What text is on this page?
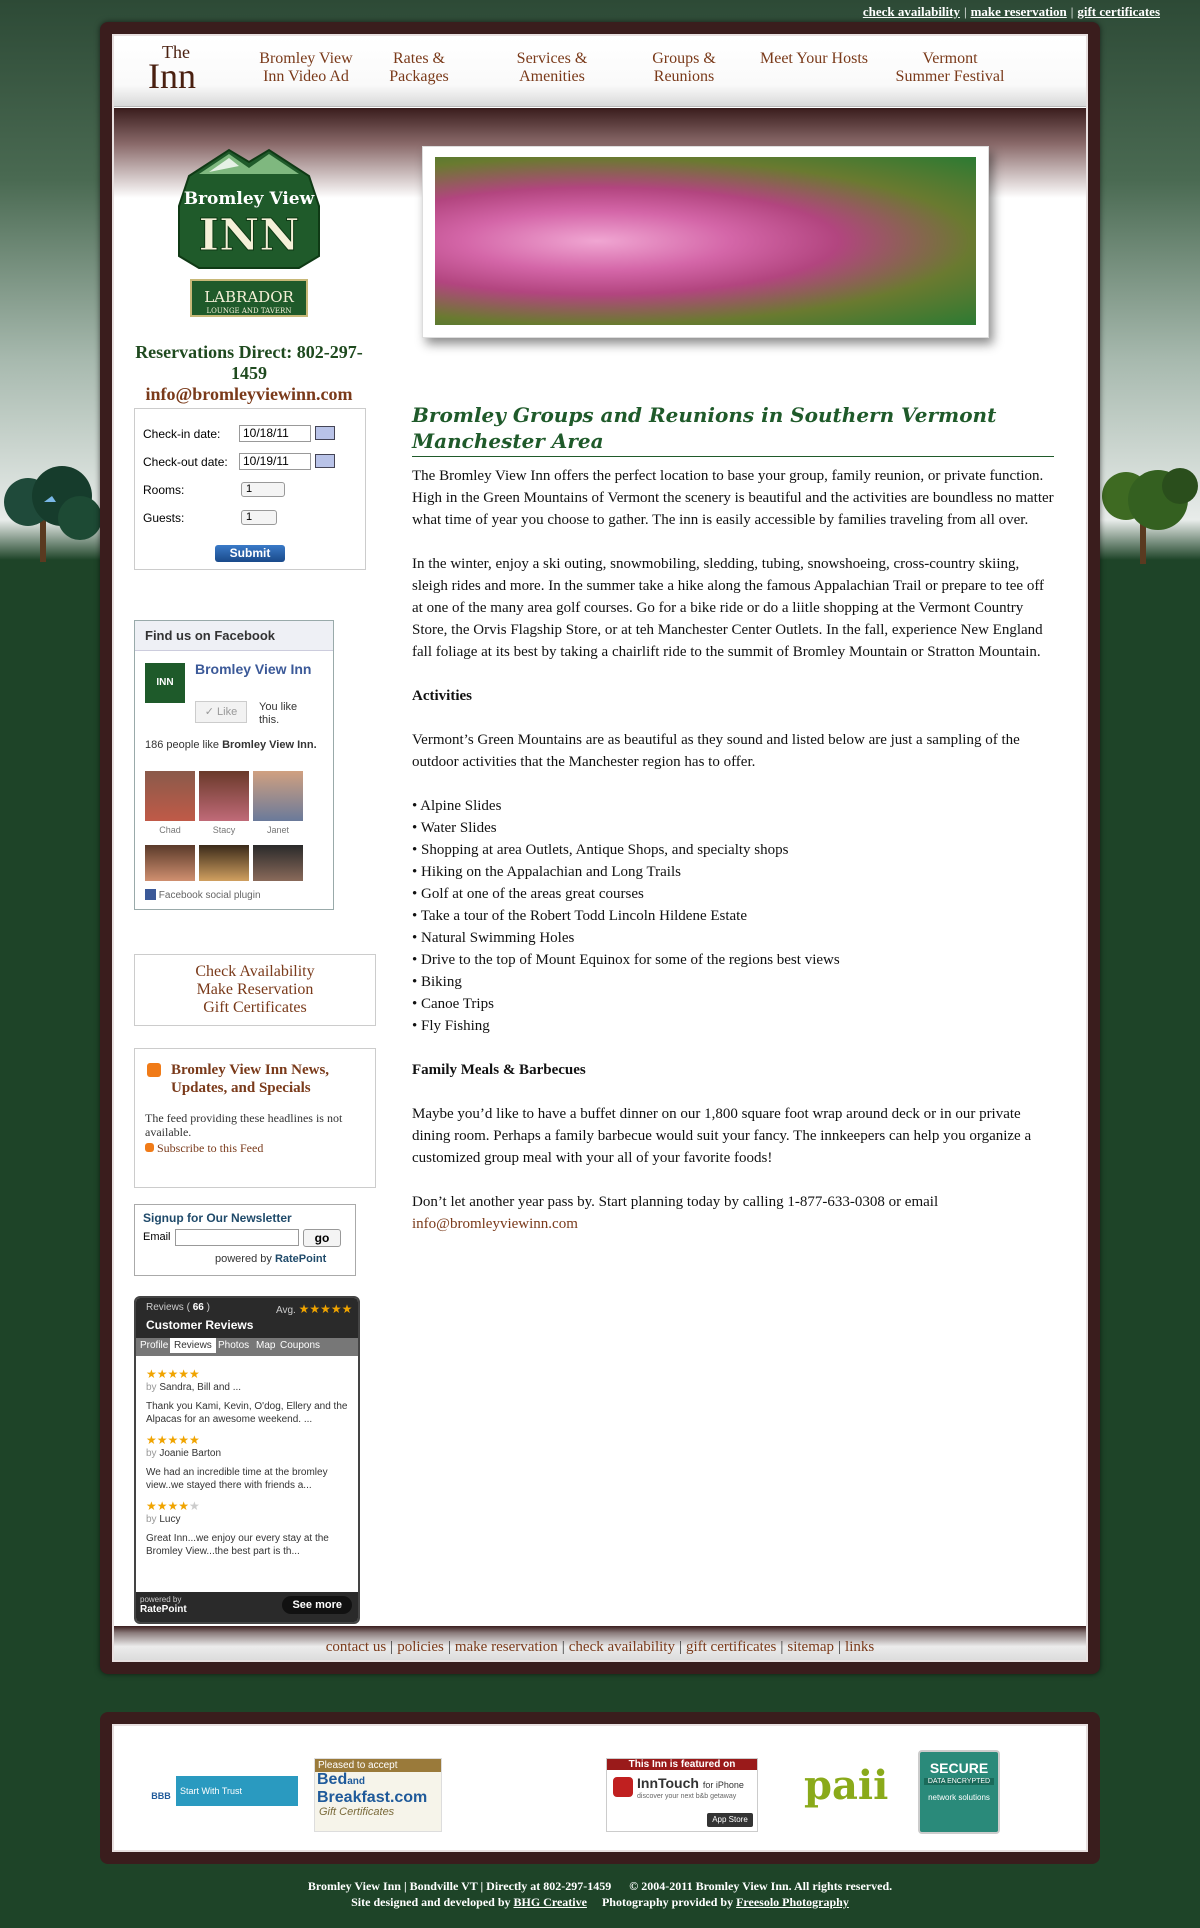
check availability | make reservation | gift certificates
The
Inn	Bromley View
Inn Video Ad
Rates &
Packages
Services &
Amenities
Groups &
Reunions
Meet Your Hosts	Vermont
Summer Festival
Bromley View
INN
LABRADOR
LOUNGE AND TAVERN
Reservations Direct: 802-297-1459
info@bromleyviewinn.com
Check-in date:	10/18/11
Check-out date:	10/19/11
Rooms:	1
Guests:	1
Submit
Find us on Facebook
INN
Bromley View Inn
✓ Like	You like this.
186 people like Bromley View Inn.
Chad	Stacy	Janet
Facebook social plugin
Check Availability
Make Reservation
Gift Certificates
Bromley View Inn News, Updates, and Specials
The feed providing these headlines is not available.
Subscribe to this Feed
Signup for Our Newsletter
Email	go
powered by RatePoint
Reviews ( 66 )	Avg. ★★★★★
Customer Reviews
Profile Reviews Photos Map Coupons
★★★★★
by Sandra, Bill and ...
Thank you Kami, Kevin, O'dog, Ellery and the Alpacas for an awesome weekend. ...
★★★★★
by Joanie Barton
We had an incredible time at the bromley view..we stayed there with friends a...
★★★★★
by Lucy
Great Inn...we enjoy our every stay at the Bromley View...the best part is th...
powered by
RatePoint	See more
Bromley Groups and Reunions in Southern Vermont Manchester Area

The Bromley View Inn offers the perfect location to base your group, family reunion, or private function. High in the Green Mountains of Vermont the scenery is beautiful and the activities are boundless no matter what time of year you choose to gather. The inn is easily accessible by families traveling from all over.

In the winter, enjoy a ski outing, snowmobiling, sledding, tubing, snowshoeing, cross-country skiing, sleigh rides and more. In the summer take a hike along the famous Appalachian Trail or prepare to tee off at one of the many area golf courses. Go for a bike ride or do a liitle shopping at the Vermont Country Store, the Orvis Flagship Store, or at teh Manchester Center Outlets. In the fall, experience New England fall foliage at its best by taking a chairlift ride to the summit of Bromley Mountain or Stratton Mountain.

Activities

Vermont’s Green Mountains are as beautiful as they sound and listed below are just a sampling of the outdoor activities that the Manchester region has to offer.

• Alpine Slides
• Water Slides
• Shopping at area Outlets, Antique Shops, and specialty shops
• Hiking on the Appalachian and Long Trails
• Golf at one of the areas great courses
• Take a tour of the Robert Todd Lincoln Hildene Estate
• Natural Swimming Holes
• Drive to the top of Mount Equinox for some of the regions best views
• Biking
• Canoe Trips
• Fly Fishing

Family Meals & Barbecues

Maybe you’d like to have a buffet dinner on our 1,800 square foot wrap around deck or in our private dining room. Perhaps a family barbecue would suit your fancy. The innkeepers can help you organize a customized group meal with your all of your favorite foods!

Don’t let another year pass by. Start planning today by calling 1-877-633-0308 or email
info@bromleyviewinn.com

contact us | policies | make reservation | check availability | gift certificates | sitemap | links
BBB	Start With Trust
Pleased to accept
Bedand
Breakfast.com
Gift Certificates
This Inn is featured on
InnTouch for iPhone
discover your next b&b getaway
App Store
paii	SECURE
DATA ENCRYPTED
network solutions
Bromley View Inn | Bondville VT | Directly at 802-297-1459 © 2004-2011 Bromley View Inn. All rights reserved.
Site designed and developed by BHG Creative Photography provided by Freesolo Photography
